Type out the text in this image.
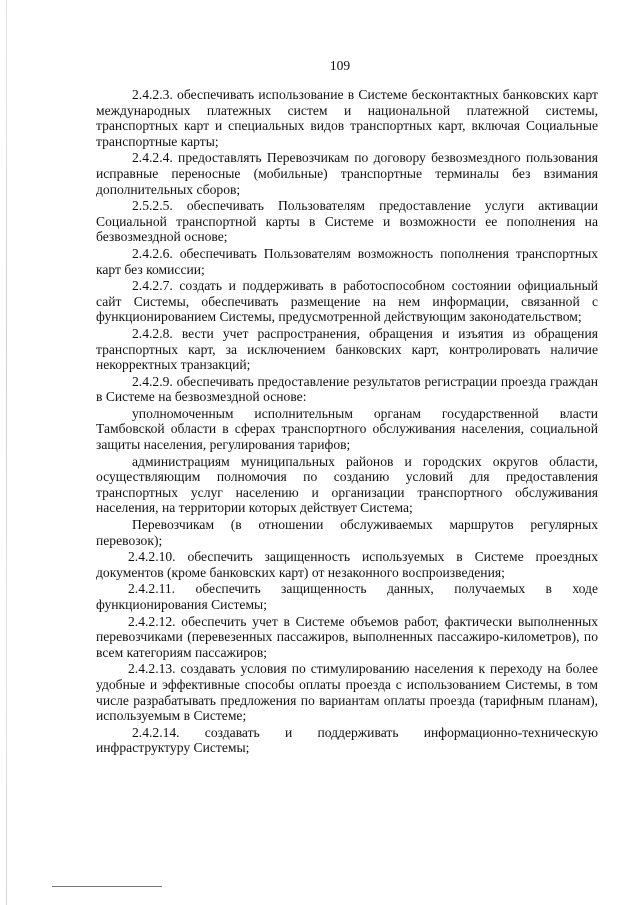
109

2.4.2.3. обеспечивать использование в Системе бесконтактных банковских карт международных платежных систем и национальной платежной системы, транспортных карт и специальных видов транспортных карт, включая Социальные транспортные карты;

2.4.2.4. предоставлять Перевозчикам по договору безвозмездного пользования исправные переносные (мобильные) транспортные терминалы без взимания дополнительных сборов;

2.5.2.5. обеспечивать Пользователям предоставление услуги активации Социальной транспортной карты в Системе и возможности ее пополнения на безвозмездной основе;

2.4.2.6. обеспечивать Пользователям возможность пополнения транспортных карт без комиссии;

2.4.2.7. создать и поддерживать в работоспособном состоянии официальный сайт Системы, обеспечивать размещение на нем информации, связанной с функционированием Системы, предусмотренной действующим законодательством;

2.4.2.8. вести учет распространения, обращения и изъятия из обращения транспортных карт, за исключением банковских карт, контролировать наличие некорректных транзакций;

2.4.2.9. обеспечивать предоставление результатов регистрации проезда граждан в Системе на безвозмездной основе:

уполномоченным исполнительным органам государственной власти Тамбовской области в сферах транспортного обслуживания населения, социальной защиты населения, регулирования тарифов;

администрациям муниципальных районов и городских округов области, осуществляющим полномочия по созданию условий для предоставления транспортных услуг населению и организации транспортного обслуживания населения, на территории которых действует Система;

Перевозчикам (в отношении обслуживаемых маршрутов регулярных перевозок);

2.4.2.10. обеспечить защищенность используемых в Системе проездных документов (кроме банковских карт) от незаконного воспроизведения;

2.4.2.11. обеспечить защищенность данных, получаемых в ходе функционирования Системы;

2.4.2.12. обеспечить учет в Системе объемов работ, фактически выполненных перевозчиками (перевезенных пассажиров, выполненных пассажиро-километров), по всем категориям пассажиров;

2.4.2.13. создавать условия по стимулированию населения к переходу на более удобные и эффективные способы оплаты проезда с использованием Системы, в том числе разрабатывать предложения по вариантам оплаты проезда (тарифным планам), используемым в Системе;

2.4.2.14. создавать и поддерживать информационно-техническую инфраструктуру Системы;
